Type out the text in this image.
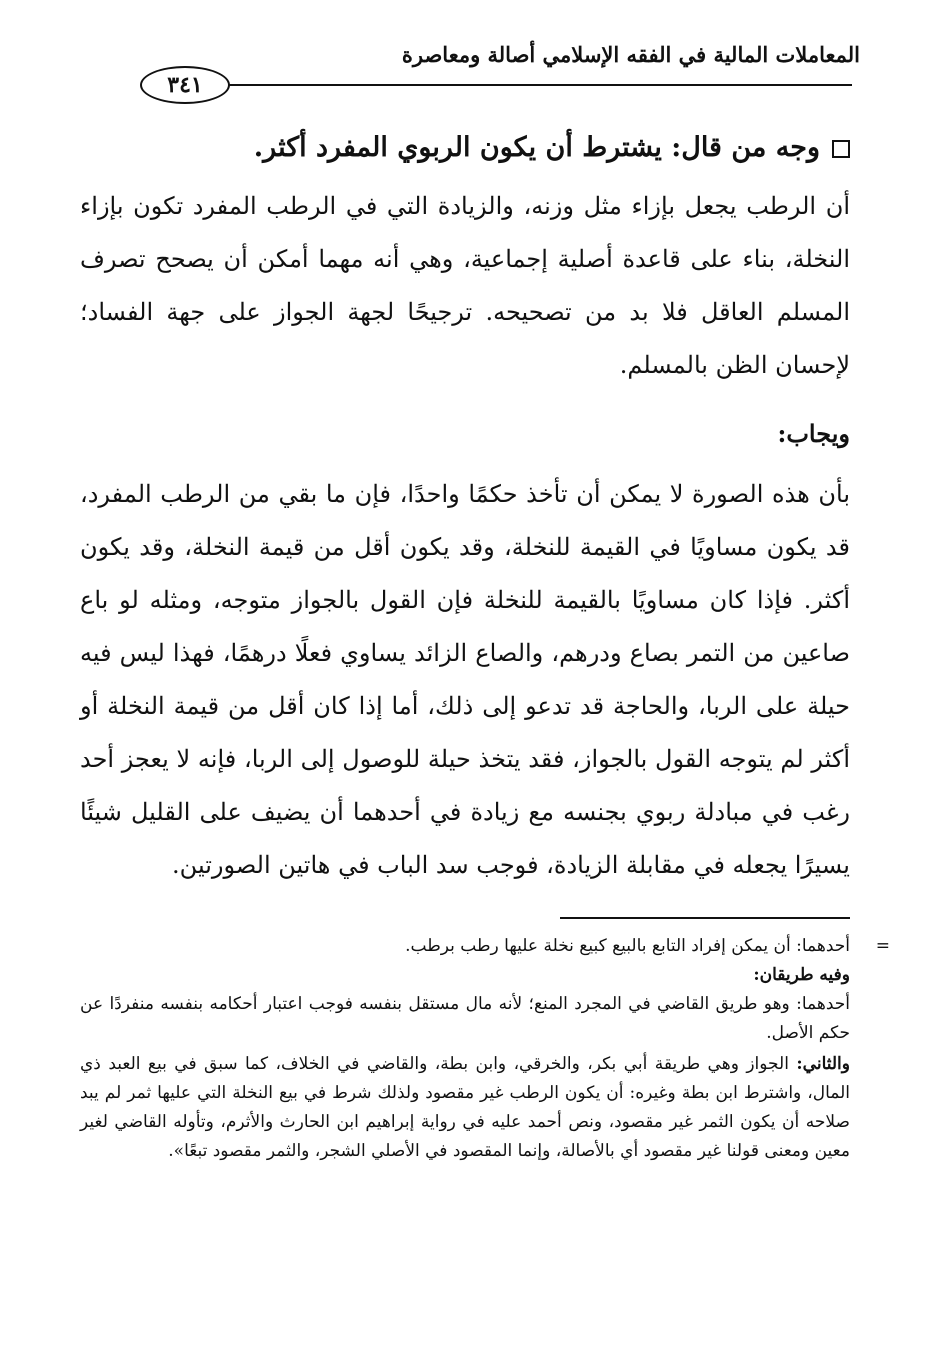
المعاملات المالية في الفقه الإسلامي أصالة ومعاصرة
٣٤١
وجه من قال: يشترط أن يكون الربوي المفرد أكثر.
أن الرطب يجعل بإزاء مثل وزنه، والزيادة التي في الرطب المفرد تكون بإزاء النخلة، بناء على قاعدة أصلية إجماعية، وهي أنه مهما أمكن أن يصحح تصرف المسلم العاقل فلا بد من تصحيحه. ترجيحًا لجهة الجواز على جهة الفساد؛ لإحسان الظن بالمسلم.
ويجاب:
بأن هذه الصورة لا يمكن أن تأخذ حكمًا واحدًا، فإن ما بقي من الرطب المفرد، قد يكون مساويًا في القيمة للنخلة، وقد يكون أقل من قيمة النخلة، وقد يكون أكثر. فإذا كان مساويًا بالقيمة للنخلة فإن القول بالجواز متوجه، ومثله لو باع صاعين من التمر بصاع ودرهم، والصاع الزائد يساوي فعلًا درهمًا، فهذا ليس فيه حيلة على الربا، والحاجة قد تدعو إلى ذلك، أما إذا كان أقل من قيمة النخلة أو أكثر لم يتوجه القول بالجواز، فقد يتخذ حيلة للوصول إلى الربا، فإنه لا يعجز أحد رغب في مبادلة ربوي بجنسه مع زيادة في أحدهما أن يضيف على القليل شيئًا يسيرًا يجعله في مقابلة الزيادة، فوجب سد الباب في هاتين الصورتين.
=

أحدهما: أن يمكن إفراد التابع بالبيع كبيع نخلة عليها رطب برطب.

وفيه طريقان:

أحدهما: وهو طريق القاضي في المجرد المنع؛ لأنه مال مستقل بنفسه فوجب اعتبار أحكامه بنفسه منفردًا عن حكم الأصل.

والثاني: الجواز وهي طريقة أبي بكر، والخرقي، وابن بطة، والقاضي في الخلاف، كما سبق في بيع العبد ذي المال، واشترط ابن بطة وغيره: أن يكون الرطب غير مقصود ولذلك شرط في بيع النخلة التي عليها ثمر لم يبد صلاحه أن يكون الثمر غير مقصود، ونص أحمد عليه في رواية إبراهيم ابن الحارث والأثرم، وتأوله القاضي لغير معين ومعنى قولنا غير مقصود أي بالأصالة، وإنما المقصود في الأصلي الشجر، والثمر مقصود تبعًا».
